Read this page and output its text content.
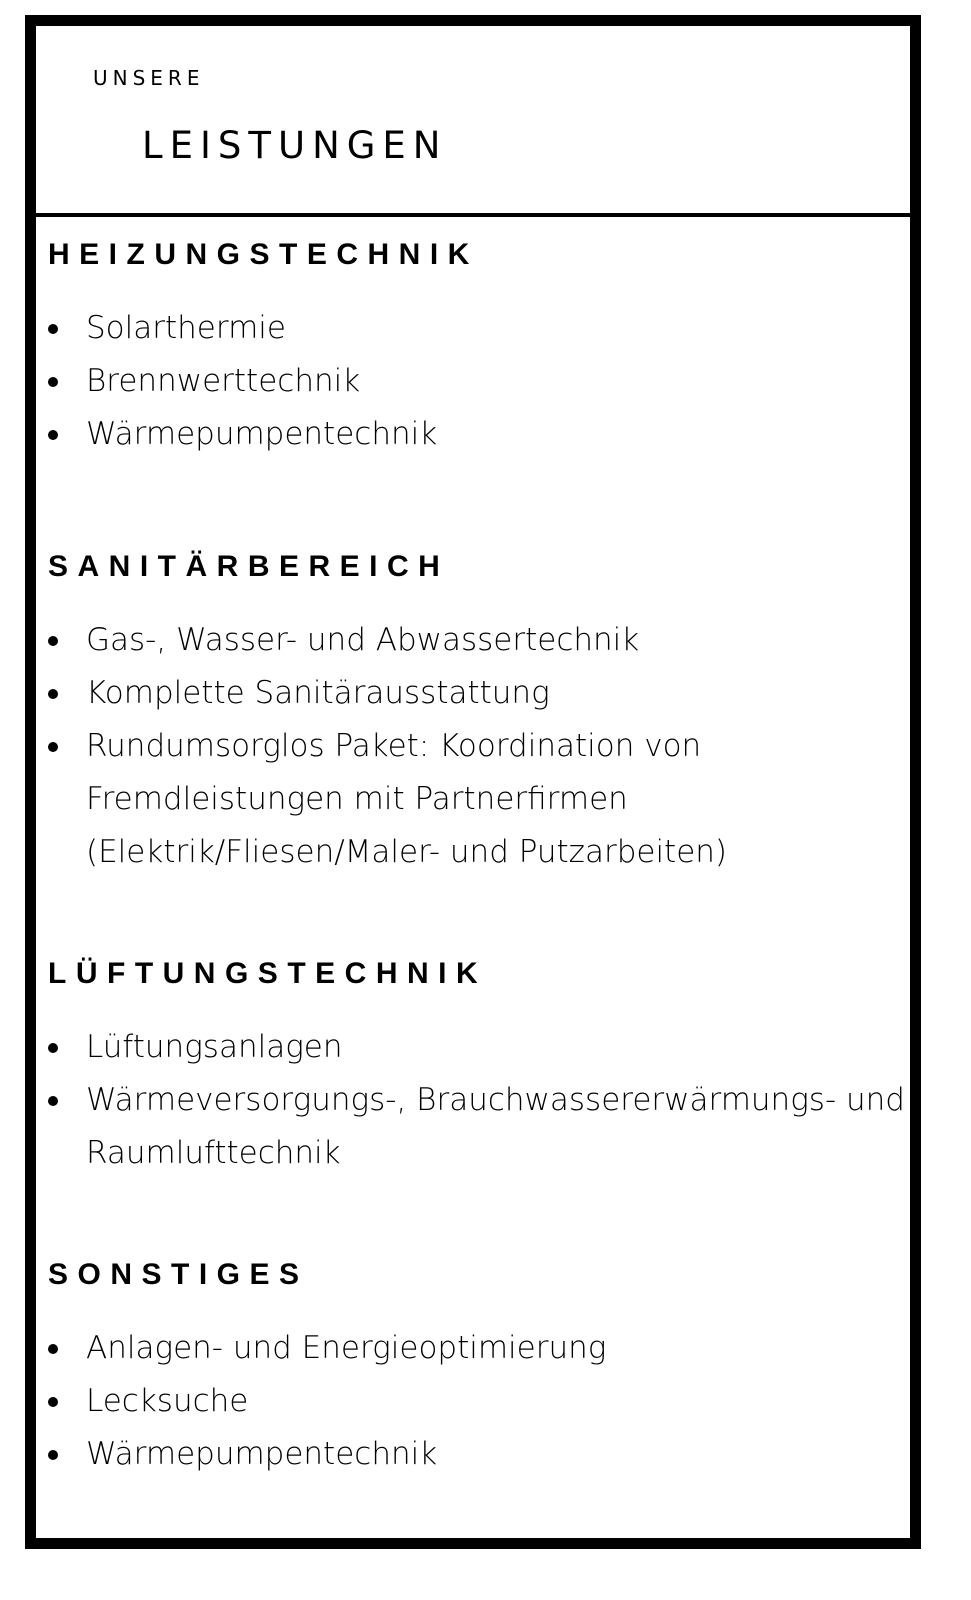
UNSERE
LEISTUNGEN
HEIZUNGSTECHNIK
Solarthermie
Brennwerttechnik
Wärmepumpentechnik
SANITÄRBEREICH
Gas-, Wasser- und Abwassertechnik
Komplette Sanitärausstattung
Rundumsorglos Paket: Koordination von Fremdleistungen mit Partnerfirmen (Elektrik/Fliesen/Maler- und Putzarbeiten)
LÜFTUNGSTECHNIK
Lüftungsanlagen
Wärmeversorgungs-, Brauchwassererwärmungs- und Raumlufttechnik
SONSTIGES
Anlagen- und Energieoptimierung
Lecksuche
Wärmepumpentechnik
